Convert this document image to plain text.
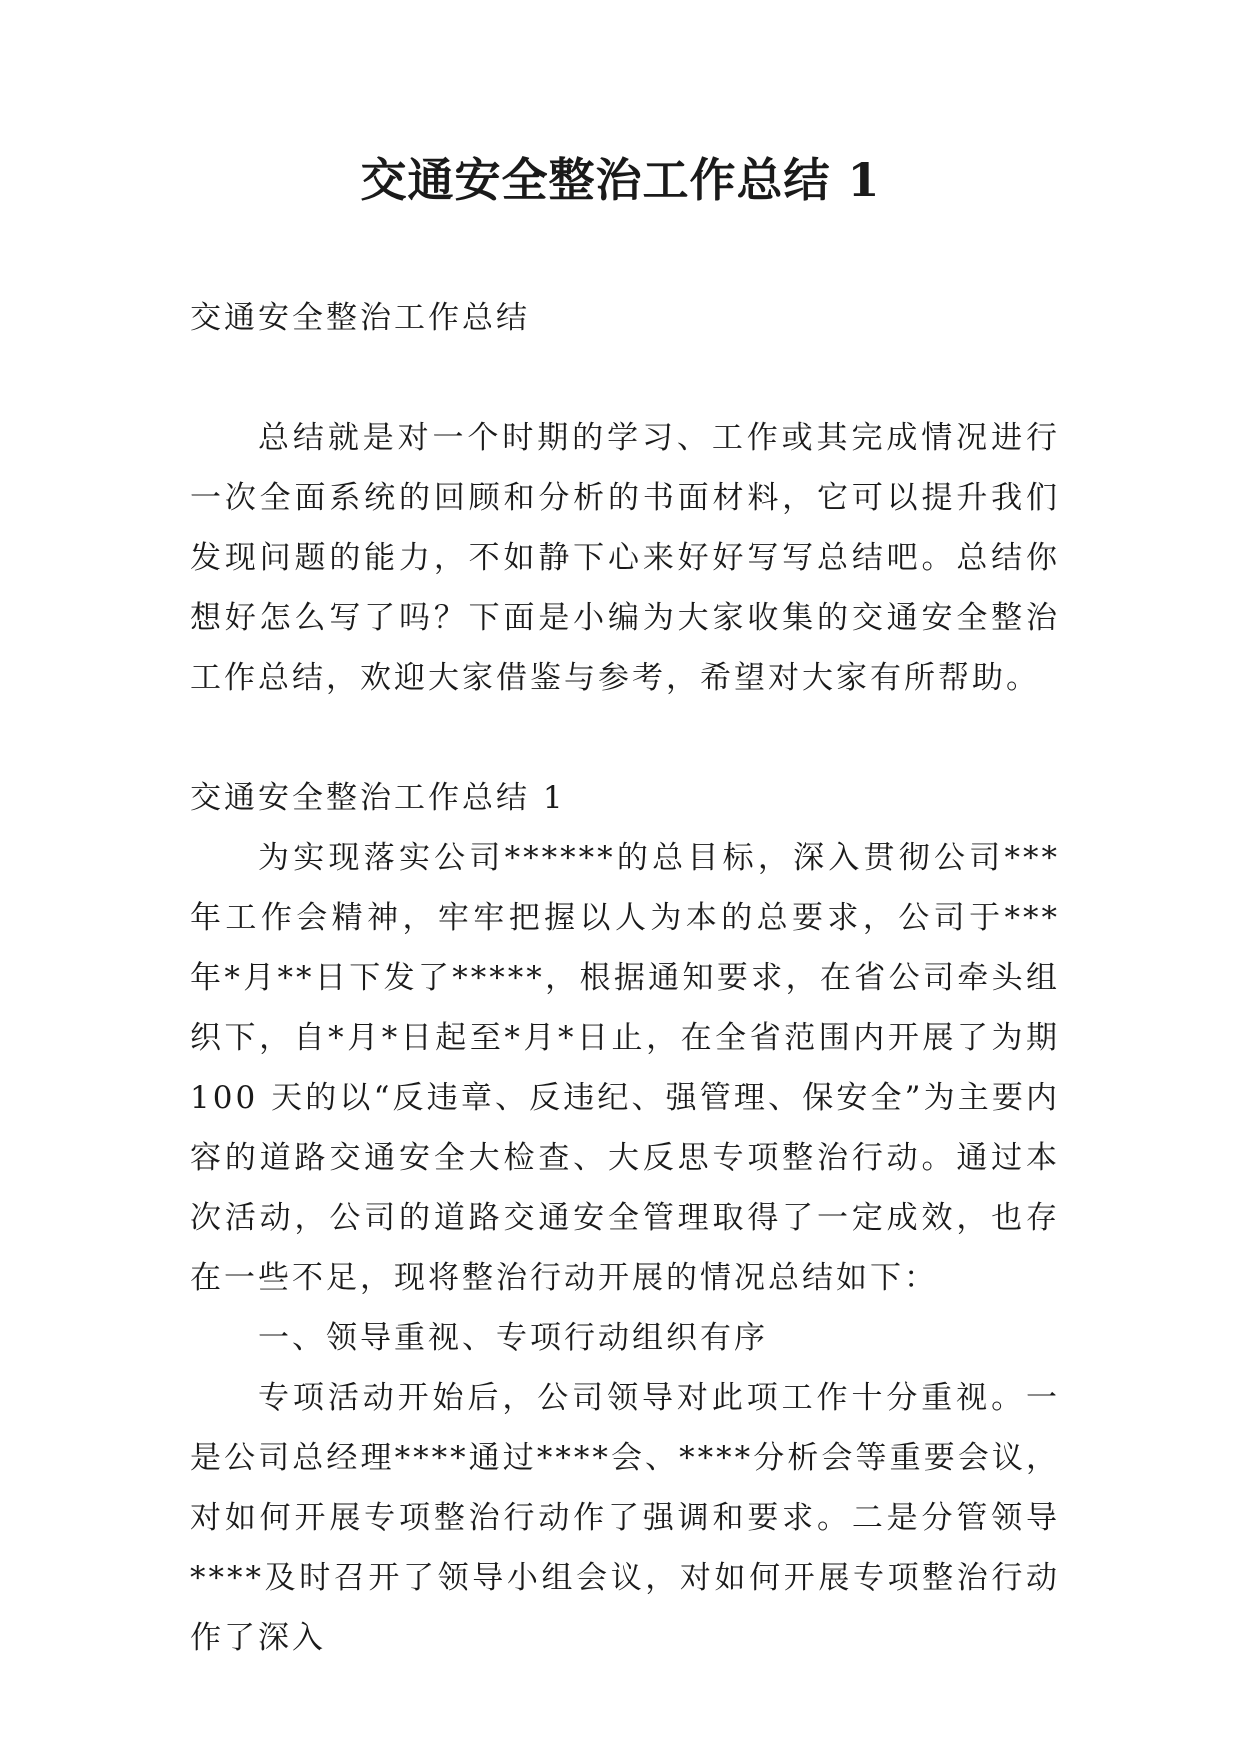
交通安全整治工作总结 1

交通安全整治工作总结

总结就是对一个时期的学习、工作或其完成情况进行一次全面系统的回顾和分析的书面材料，它可以提升我们发现问题的能力，不如静下心来好好写写总结吧。总结你想好怎么写了吗？下面是小编为大家收集的交通安全整治工作总结，欢迎大家借鉴与参考，希望对大家有所帮助。

交通安全整治工作总结 1

为实现落实公司******的总目标，深入贯彻公司***年工作会精神，牢牢把握以人为本的总要求，公司于***年*月**日下发了*****，根据通知要求，在省公司牵头组织下，自*月*日起至*月*日止，在全省范围内开展了为期 100 天的以“反违章、反违纪、强管理、保安全”为主要内容的道路交通安全大检查、大反思专项整治行动。通过本次活动，公司的道路交通安全管理取得了一定成效，也存在一些不足，现将整治行动开展的情况总结如下：

一、领导重视、专项行动组织有序

专项活动开始后，公司领导对此项工作十分重视。一是公司总经理****通过****会、****分析会等重要会议，对如何开展专项整治行动作了强调和要求。二是分管领导****及时召开了领导小组会议，对如何开展专项整治行动作了深入
